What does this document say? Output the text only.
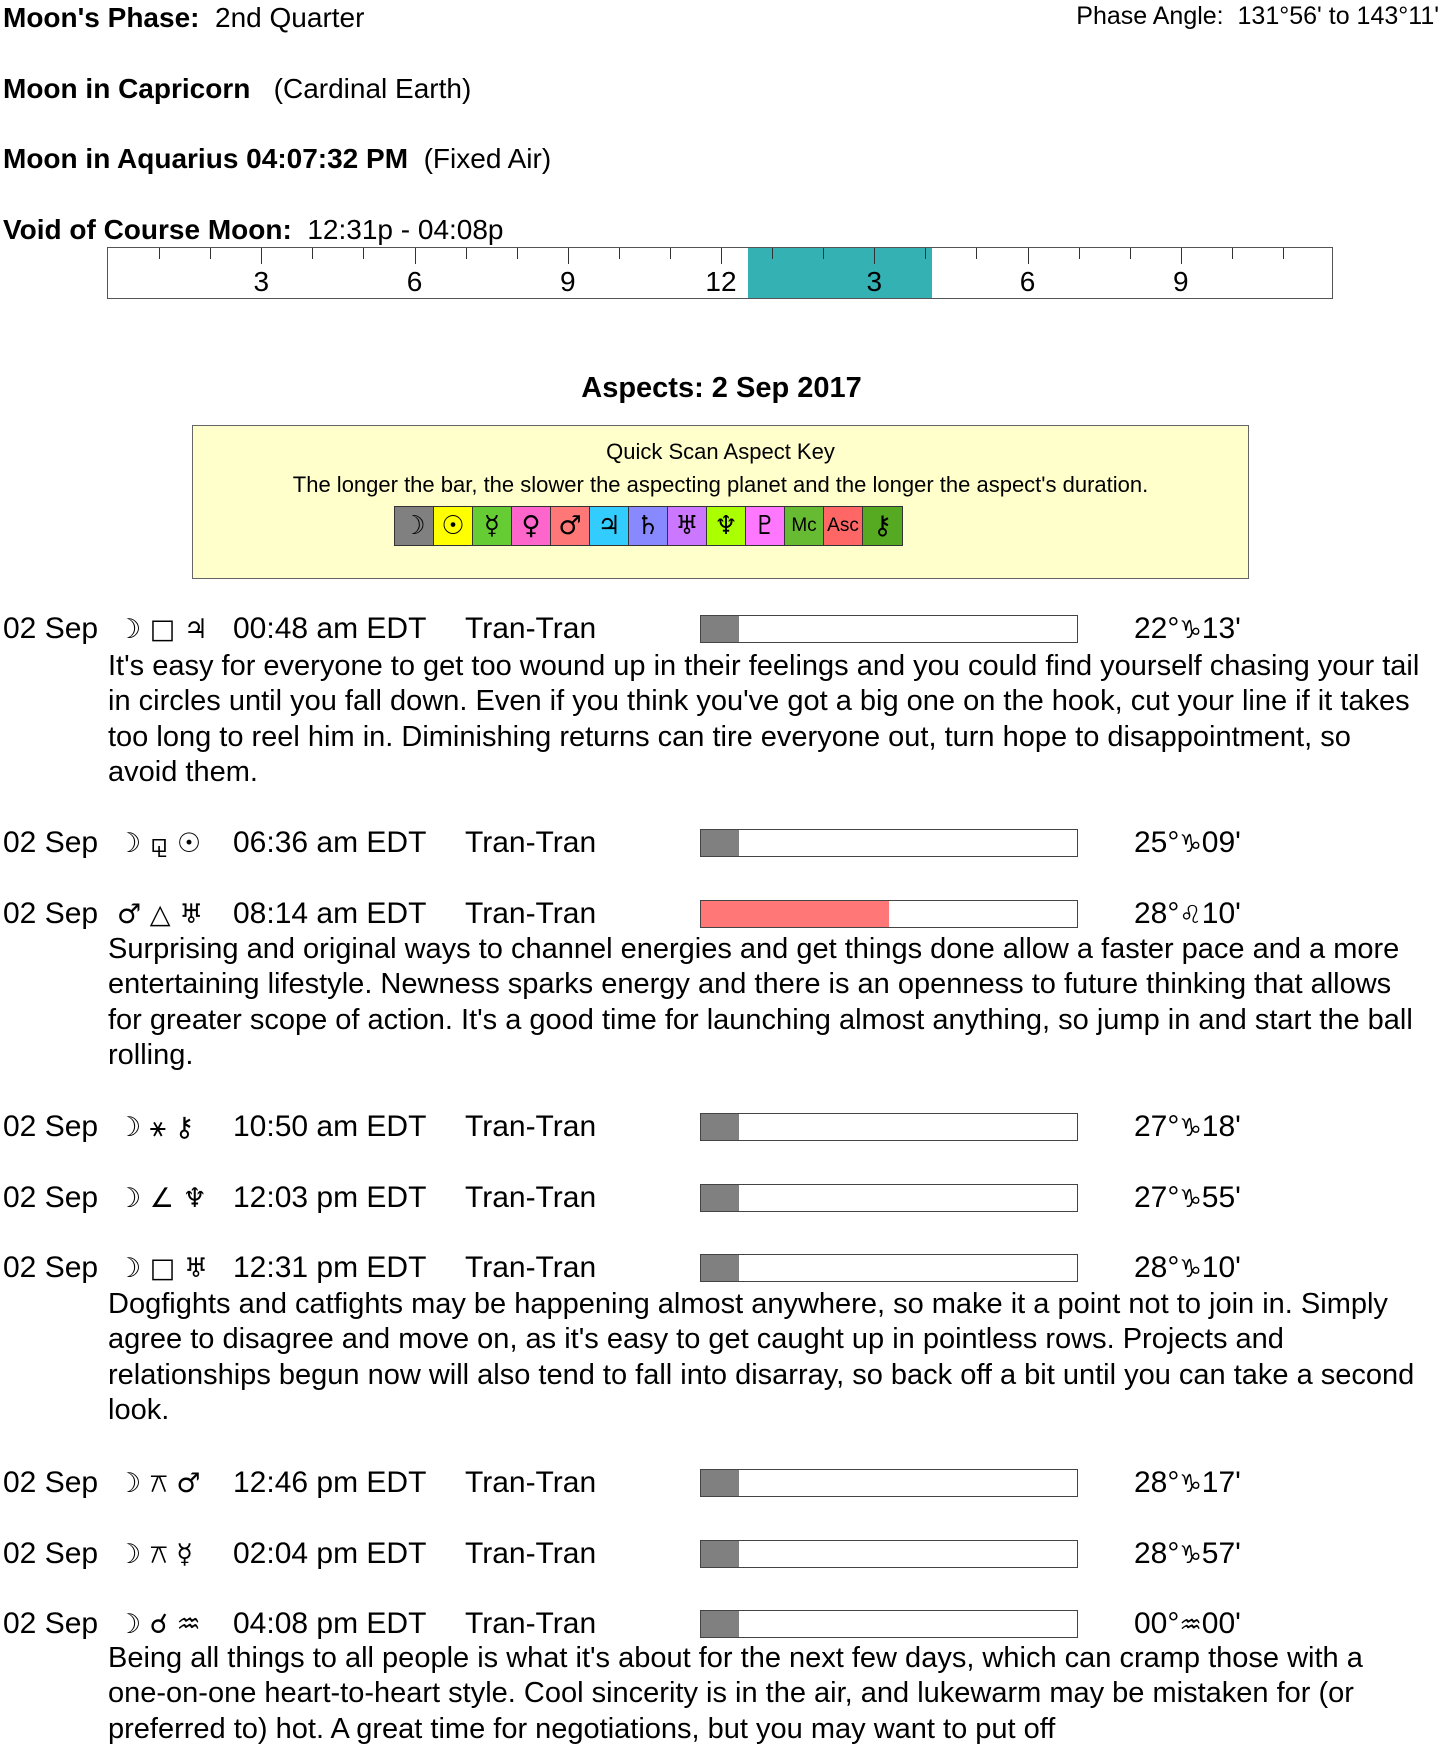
Moon's Phase: 2nd Quarter	Phase Angle: 131°56' to 143°11'
Moon in Capricorn (Cardinal Earth)
Moon in Aquarius 04:07:32 PM (Fixed Air)
Void of Course Moon: 12:31p - 04:08p
3	6	9	12	3	6	9
Aspects: 2 Sep 2017
Quick Scan Aspect Key
The longer the bar, the slower the aspecting planet and the longer the aspect's duration.
☽ ☉ ☿ ♀ ♂ ♃ ♄ ♅ ♆ ♇ Mc Asc ⚷
02 Sep ☽ □ ♃ 00:48 am EDT Tran-Tran	22°♑13'
02 Sep ☽ ⚼ ☉ 06:36 am EDT Tran-Tran	25°♑09'
02 Sep ♂ △ ♅ 08:14 am EDT Tran-Tran	28°♌10'
02 Sep ☽ ⚹ ⚷ 10:50 am EDT Tran-Tran	27°♑18'
02 Sep ☽ ∠ ♆ 12:03 pm EDT Tran-Tran	27°♑55'
02 Sep ☽ □ ♅ 12:31 pm EDT Tran-Tran	28°♑10'
02 Sep ☽ ⚻ ♂ 12:46 pm EDT Tran-Tran	28°♑17'
02 Sep ☽ ⚻ ☿ 02:04 pm EDT Tran-Tran	28°♑57'
02 Sep ☽ ☌ ♒ 04:08 pm EDT Tran-Tran	00°♒00'
It's easy for everyone to get too wound up in their feelings and you could find yourself chasing your tail in circles until you fall down. Even if you think you've got a big one on the hook, cut your line if it takes too long to reel him in. Diminishing returns can tire everyone out, turn hope to disappointment, so avoid them.
Surprising and original ways to channel energies and get things done allow a faster pace and a more entertaining lifestyle. Newness sparks energy and there is an openness to future thinking that allows for greater scope of action. It's a good time for launching almost anything, so jump in and start the ball rolling.
Dogfights and catfights may be happening almost anywhere, so make it a point not to join in. Simply agree to disagree and move on, as it's easy to get caught up in pointless rows. Projects and relationships begun now will also tend to fall into disarray, so back off a bit until you can take a second look.
Being all things to all people is what it's about for the next few days, which can cramp those with a one-on-one heart-to-heart style. Cool sincerity is in the air, and lukewarm may be mistaken for (or preferred to) hot. A great time for negotiations, but you may want to put off
